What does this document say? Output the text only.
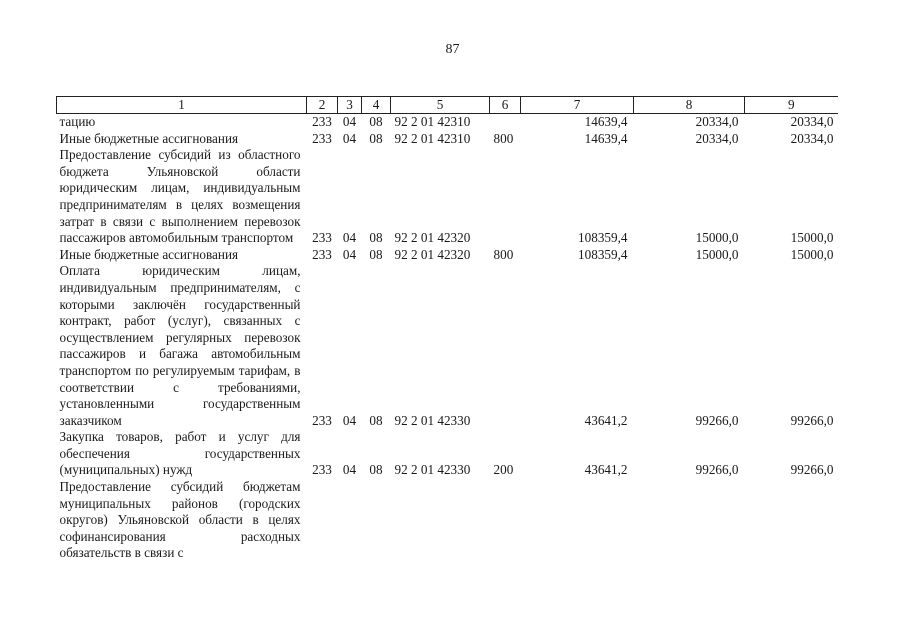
87
1	2	3	4	5	6	7	8	9
тацию	233	04	08	92 2 01 42310		14639,4	20334,0	20334,0
Иные бюджетные ассигнования	233	04	08	92 2 01 42310	800	14639,4	20334,0	20334,0
Предоставление субсидий из областного бюджета Ульяновской области юридическим лицам, индивидуальным предпринимателям в целях возмещения затрат в связи с выполнением перевозок пассажиров автомобильным транспортом	233	04	08	92 2 01 42320		108359,4	15000,0	15000,0
Иные бюджетные ассигнования	233	04	08	92 2 01 42320	800	108359,4	15000,0	15000,0
Оплата юридическим лицам, индивидуальным предпринимателям, с которыми заключён государственный контракт, работ (услуг), связанных с осуществлением регулярных перевозок пассажиров и багажа автомобильным транспортом по регулируемым тарифам, в соответствии с требованиями, установленными государственным заказчиком	233	04	08	92 2 01 42330		43641,2	99266,0	99266,0
Закупка товаров, работ и услуг для обеспечения государственных (муниципальных) нужд	233	04	08	92 2 01 42330	200	43641,2	99266,0	99266,0
Предоставление субсидий бюджетам муниципальных районов (городских округов) Ульяновской области в целях софинансирования расходных обязательств в связи с								
